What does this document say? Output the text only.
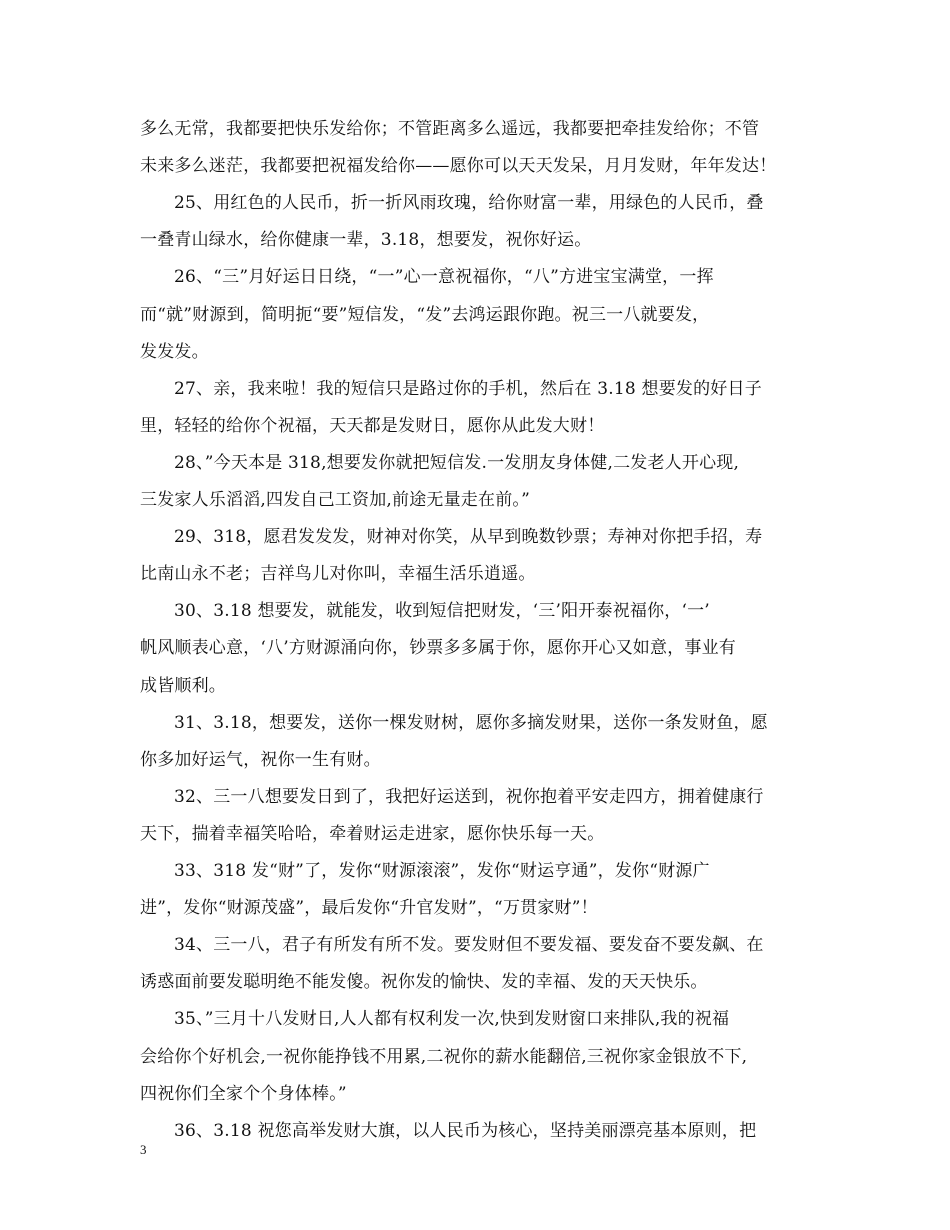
多么无常，我都要把快乐发给你；不管距离多么遥远，我都要把牵挂发给你；不管
未来多么迷茫，我都要把祝福发给你——愿你可以天天发呆，月月发财，年年发达！
25、用红色的人民币，折一折风雨玫瑰，给你财富一辈，用绿色的人民币，叠
一叠青山绿水，给你健康一辈，3.18，想要发，祝你好运。
26、“三”月好运日日绕，“一”心一意祝福你，“八”方进宝宝满堂，一挥
而“就”财源到，简明扼“要”短信发，“发”去鸿运跟你跑。祝三一八就要发，
发发发。
27、亲，我来啦！我的短信只是路过你的手机，然后在 3.18 想要发的好日子
里，轻轻的给你个祝福，天天都是发财日，愿你从此发大财！
28、”今天本是 318,想要发你就把短信发.一发朋友身体健,二发老人开心现,
三发家人乐滔滔,四发自己工资加,前途无量走在前。”
29、318，愿君发发发，财神对你笑，从早到晚数钞票；寿神对你把手招，寿
比南山永不老；吉祥鸟儿对你叫，幸福生活乐逍遥。
30、3.18 想要发，就能发，收到短信把财发，‘三’阳开泰祝福你，‘一’
帆风顺表心意，‘八’方财源涌向你，钞票多多属于你，愿你开心又如意，事业有
成皆顺利。
31、3.18，想要发，送你一棵发财树，愿你多摘发财果，送你一条发财鱼，愿
你多加好运气，祝你一生有财。
32、三一八想要发日到了，我把好运送到，祝你抱着平安走四方，拥着健康行
天下，揣着幸福笑哈哈，牵着财运走进家，愿你快乐每一天。
33、318 发“财”了，发你“财源滚滚”，发你“财运亨通”，发你“财源广
进”，发你“财源茂盛”，最后发你“升官发财”，“万贯家财”！
34、三一八，君子有所发有所不发。要发财但不要发福、要发奋不要发飙、在
诱惑面前要发聪明绝不能发傻。祝你发的愉快、发的幸福、发的天天快乐。
35、”三月十八发财日,人人都有权利发一次,快到发财窗口来排队,我的祝福
会给你个好机会,一祝你能挣钱不用累,二祝你的薪水能翻倍,三祝你家金银放不下,
四祝你们全家个个身体棒。”
36、3.18 祝您高举发财大旗，以人民币为核心，坚持美丽漂亮基本原则，把
3
